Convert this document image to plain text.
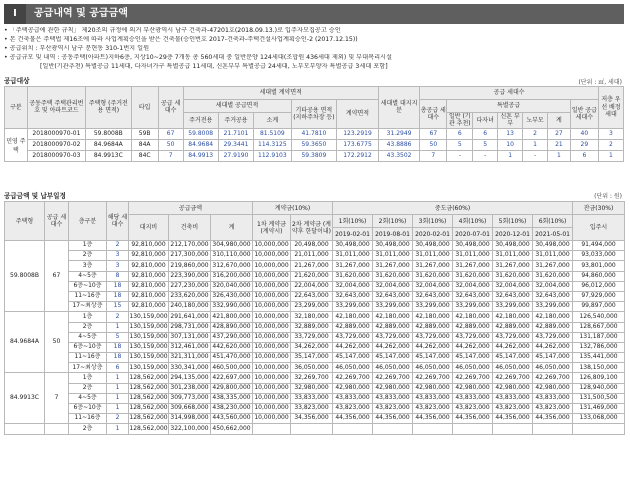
I	공급내역 및 공급금액
• 「주택공급에 관한 규칙」 제20조의 규정에 의거 부산광역시 남구 건축과-47201호(2018.09.13.)로 입주자모집공고 승인
• 본 건축물은 주택법 제16조에 따라 사업계획승인을 받은 건축물(승인번호 2017-건축과-주택건설사업계획승인-2 (2017.12.15))
• 공급위치 : 부산광역시 남구 문현동 310-1번지 일원
• 공급규모 및 내역 : 공동주택(아파트)지하6층, 지상10~29층 7개동 총 560세대 중 일반분양 124세대(조합원 436세대 제외) 및 부대복리시설
[일반(기관추천) 특별공급 11세대, 다자녀가구 특별공급 11세대, 신혼부부 특별공급 24세대, 노부모부양자 특별공급 3세대 포함]
공급대상	(단위 : ㎡, 세대)
구분	공동주택 주택관리번호 및 아파트코드	주택형 (주거전용 면적)	타입	공급 세대수	세대별 계약면적					세대별 대지지분	공급 세대수							저층 우선 배정 세대
					세대별 공급면적			기타공용 면적 (지하주차장 등)	계약면적		총공급 세대수	특별공급					일반 공급 세대수	
					주거전용	주거공용	소계					일반 (기관 추천)	다자녀	신혼 부부	노부모	계		
민영 주택	2018000970-01	59.8008B	59B	67	59.8008	21.7101	81.5109	41.7810	123.2919	31.2949	67	6	6	13	2	27	40	3
	2018000970-02	84.9684A	84A	50	84.9684	29.3441	114.3125	59.3650	173.6775	43.8886	50	5	5	10	1	21	29	2
	2018000970-03	84.9913C	84C	7	84.9913	27.9190	112.9103	59.3809	172.2912	43.3502	7	-	-	1	-	1	6	1
공급금액 및 납부일정	(단위 : 원)
주택형	공급 세대수	층구분	해당 세대수	공급금액			계약금(10%)		중도금(60%)						잔금(30%)
				대지비	건축비	계	1차 계약금 (계약시)	2차 계약금 (계약후 한달이내)	1회(10%)	2회(10%)	3회(10%)	4회(10%)	5회(10%)	6회(10%)	입주시
									2019-02-01	2019-08-01	2020-02-01	2020-07-01	2020-12-01	2021-05-01	
59.8008B	67	1층	2	92,810,000	212,170,000	304,980,000	10,000,000	20,498,000	30,498,000	30,498,000	30,498,000	30,498,000	30,498,000	30,498,000	91,494,000
		2층	3	92,810,000	217,300,000	310,110,000	10,000,000	21,011,000	31,011,000	31,011,000	31,011,000	31,011,000	31,011,000	31,011,000	93,033,000
		3층	3	92,810,000	219,860,000	312,670,000	10,000,000	21,267,000	31,267,000	31,267,000	31,267,000	31,267,000	31,267,000	31,267,000	93,801,000
		4~5층	8	92,810,000	223,390,000	316,200,000	10,000,000	21,620,000	31,620,000	31,620,000	31,620,000	31,620,000	31,620,000	31,620,000	94,860,000
		6층~10층	18	92,810,000	227,230,000	320,040,000	10,000,000	22,004,000	32,004,000	32,004,000	32,004,000	32,004,000	32,004,000	32,004,000	96,012,000
		11~16층	18	92,810,000	233,620,000	326,430,000	10,000,000	22,643,000	32,643,000	32,643,000	32,643,000	32,643,000	32,643,000	32,643,000	97,929,000
		17~최상층	15	92,810,000	240,180,000	332,990,000	10,000,000	23,299,000	33,299,000	33,299,000	33,299,000	33,299,000	33,299,000	33,299,000	99,897,000
84.9684A	50	1층	2	130,159,000	291,641,000	421,800,000	10,000,000	32,180,000	42,180,000	42,180,000	42,180,000	42,180,000	42,180,000	42,180,000	126,540,000
		2층	1	130,159,000	298,731,000	428,890,000	10,000,000	32,889,000	42,889,000	42,889,000	42,889,000	42,889,000	42,889,000	42,889,000	128,667,000
		4~5층	5	130,159,000	307,131,000	437,290,000	10,000,000	33,729,000	43,729,000	43,729,000	43,729,000	43,729,000	43,729,000	43,729,000	131,187,000
		6층~10층	18	130,159,000	312,461,000	442,620,000	10,000,000	34,262,000	44,262,000	44,262,000	44,262,000	44,262,000	44,262,000	44,262,000	132,786,000
		11~16층	18	130,159,000	321,311,000	451,470,000	10,000,000	35,147,000	45,147,000	45,147,000	45,147,000	45,147,000	45,147,000	45,147,000	135,441,000
		17~최상층	6	130,159,000	330,341,000	460,500,000	10,000,000	36,050,000	46,050,000	46,050,000	46,050,000	46,050,000	46,050,000	46,050,000	138,150,000
84.9913C	7	1층	1	128,562,000	294,135,000	422,697,000	10,000,000	32,269,700	42,269,700	42,269,700	42,269,700	42,269,700	42,269,700	42,269,700	126,809,100
		2층	1	128,562,000	301,238,000	429,800,000	10,000,000	32,980,000	42,980,000	42,980,000	42,980,000	42,980,000	42,980,000	42,980,000	128,940,000
		4~5층	1	128,562,000	309,773,000	438,335,000	10,000,000	33,833,000	43,833,000	43,833,000	43,833,000	43,833,000	43,833,000	43,833,000	131,500,500
		6층~10층	1	128,562,000	309,668,000	438,230,000	10,000,000	33,823,000	43,823,000	43,823,000	43,823,000	43,823,000	43,823,000	43,823,000	131,469,000
		11~16층	2	128,562,000	314,998,000	443,560,000	10,000,000	34,356,000	44,356,000	44,356,000	44,356,000	44,356,000	44,356,000	44,356,000	133,068,000
		2층	1	128,562,000	322,100,000	450,662,000									
